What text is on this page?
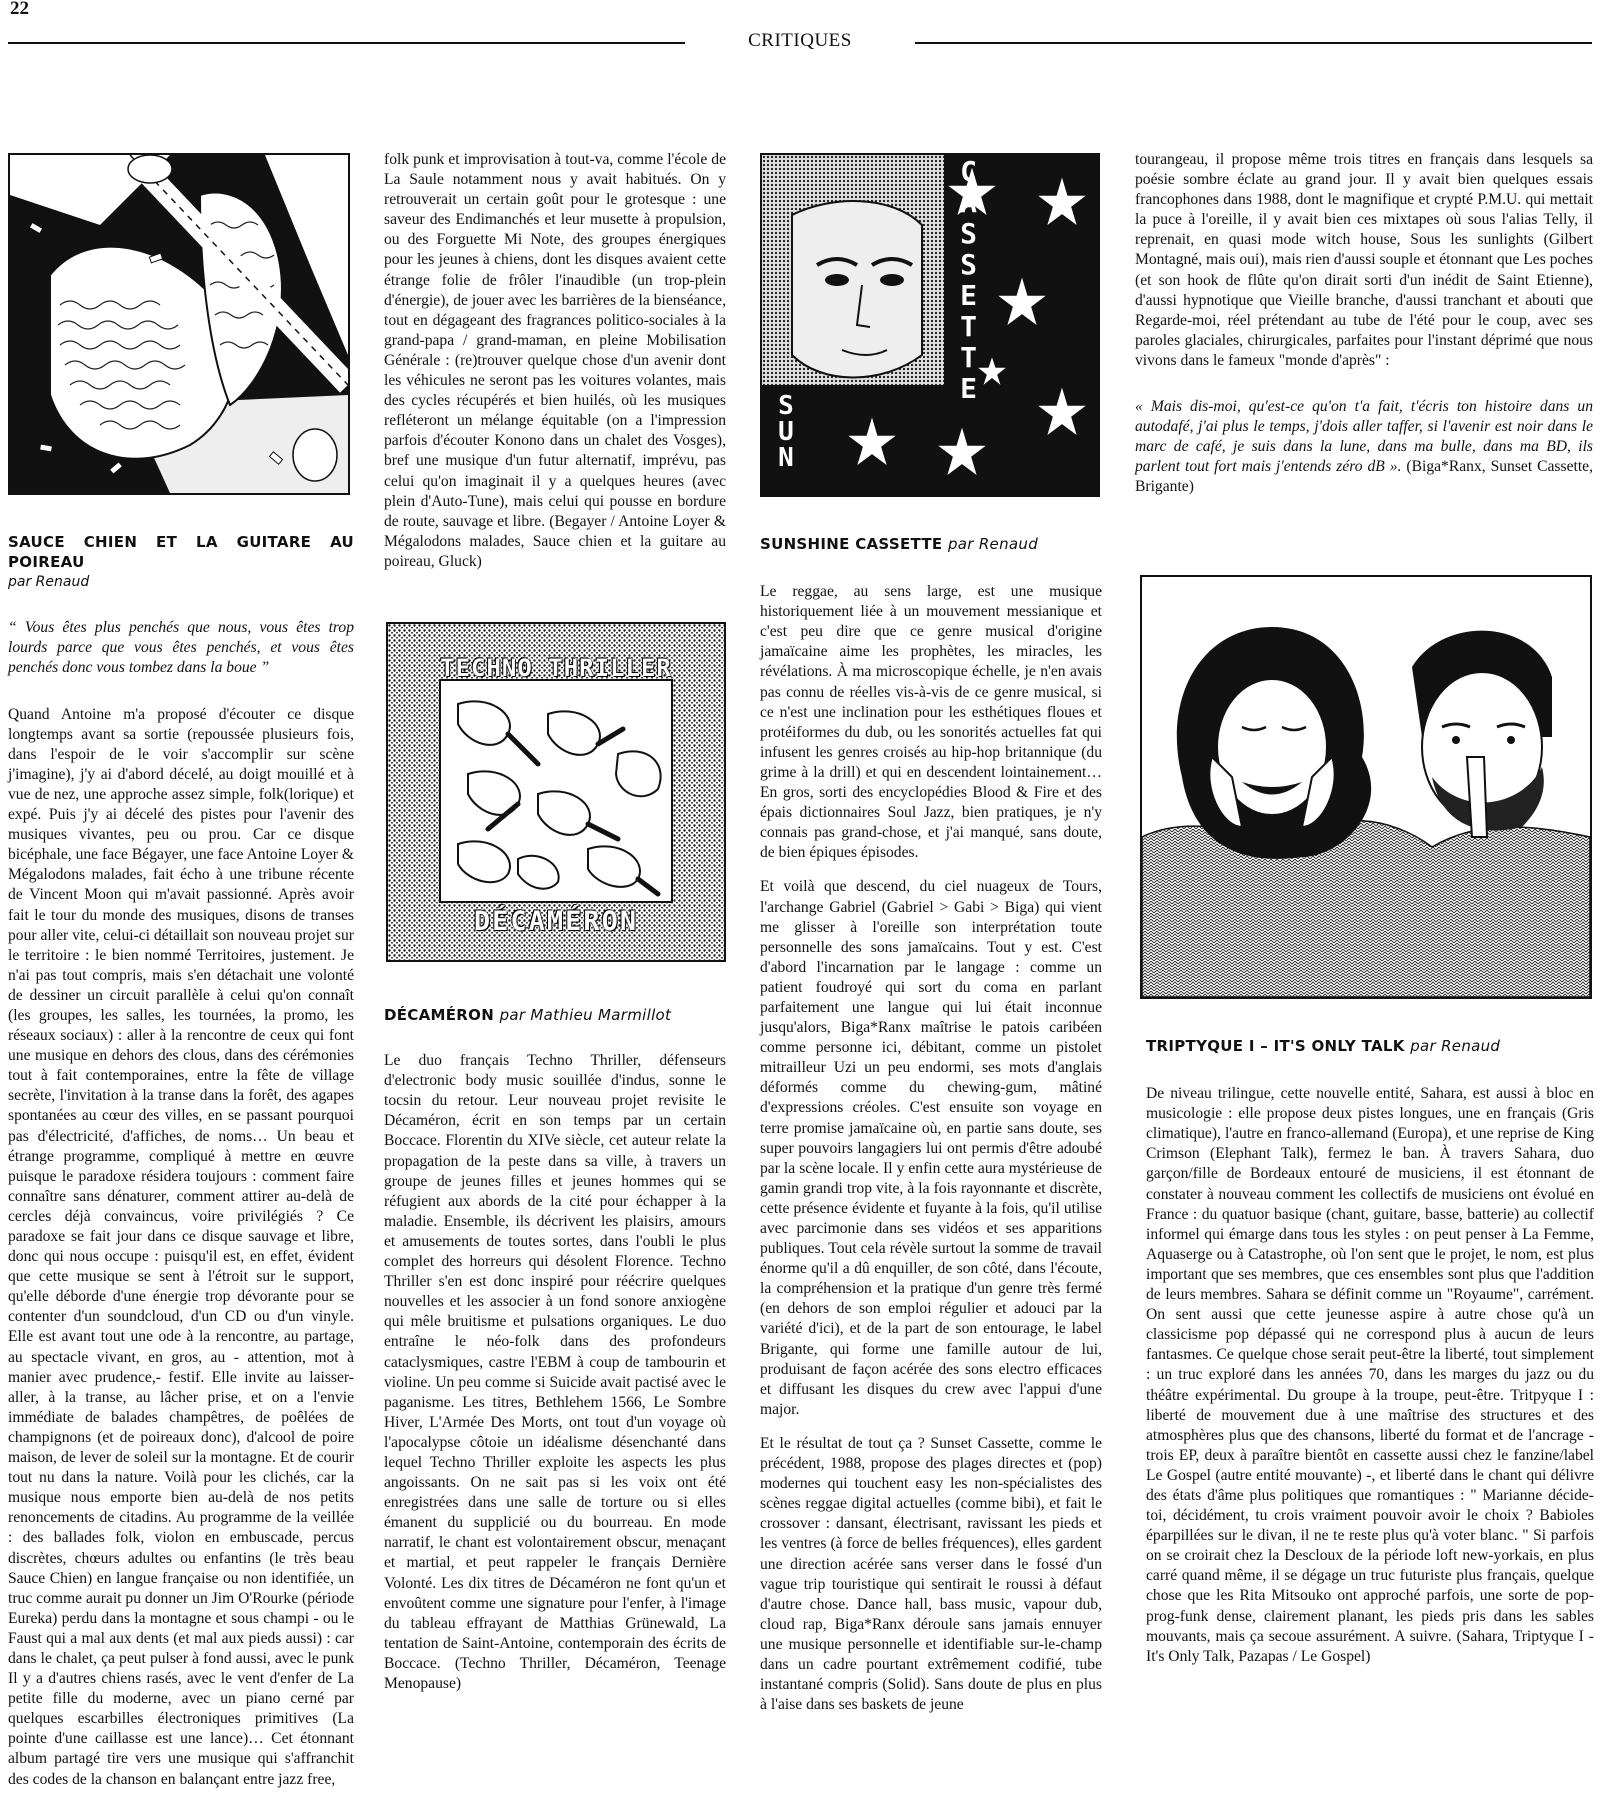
22
CRITIQUES
SAUCE CHIEN ET LA GUITARE AU POIREAU
par Renaud

“ Vous êtes plus penchés que nous, vous êtes trop lourds parce que vous êtes penchés, et vous êtes penchés donc vous tombez dans la boue ”

Quand Antoine m'a proposé d'écouter ce disque longtemps avant sa sortie (repoussée plusieurs fois, dans l'espoir de le voir s'accomplir sur scène j'imagine), j'y ai d'abord décelé, au doigt mouillé et à vue de nez, une approche assez simple, folk(lorique) et expé. Puis j'y ai décelé des pistes pour l'avenir des musiques vivantes, peu ou prou. Car ce disque bicéphale, une face Bégayer, une face Antoine Loyer & Mégalodons malades, fait écho à une tribune récente de Vincent Moon qui m'avait passionné. Après avoir fait le tour du monde des musiques, disons de transes pour aller vite, celui-ci détaillait son nouveau projet sur le territoire : le bien nommé Territoires, justement. Je n'ai pas tout compris, mais s'en détachait une volonté de dessiner un circuit parallèle à celui qu'on connaît (les groupes, les salles, les tournées, la promo, les réseaux sociaux) : aller à la rencontre de ceux qui font une musique en dehors des clous, dans des cérémonies tout à fait contemporaines, entre la fête de village secrète, l'invitation à la transe dans la forêt, des agapes spontanées au cœur des villes, en se passant pourquoi pas d'électricité, d'affiches, de noms… Un beau et étrange programme, compliqué à mettre en œuvre puisque le paradoxe résidera toujours : comment faire connaître sans dénaturer, comment attirer au-delà de cercles déjà convaincus, voire privilégiés ? Ce paradoxe se fait jour dans ce disque sauvage et libre, donc qui nous occupe : puisqu'il est, en effet, évident que cette musique se sent à l'étroit sur le support, qu'elle déborde d'une énergie trop dévorante pour se contenter d'un soundcloud, d'un CD ou d'un vinyle. Elle est avant tout une ode à la rencontre, au partage, au spectacle vivant, en gros, au - attention, mot à manier avec prudence,- festif. Elle invite au laisser-aller, à la transe, au lâcher prise, et on a l'envie immédiate de balades champêtres, de poêlées de champignons (et de poireaux donc), d'alcool de poire maison, de lever de soleil sur la montagne. Et de courir tout nu dans la nature. Voilà pour les clichés, car la musique nous emporte bien au-delà de nos petits renoncements de citadins. Au programme de la veillée : des ballades folk, violon en embuscade, percus discrètes, chœurs adultes ou enfantins (le très beau Sauce Chien) en langue française ou non identifiée, un truc comme aurait pu donner un Jim O'Rourke (période Eureka) perdu dans la montagne et sous champi - ou le Faust qui a mal aux dents (et mal aux pieds aussi) : car dans le chalet, ça peut pulser à fond aussi, avec le punk Il y a d'autres chiens rasés, avec le vent d'enfer de La petite fille du moderne, avec un piano cerné par quelques escarbilles électroniques primitives (La pointe d'une caillasse est une lance)… Cet étonnant album partagé tire vers une musique qui s'affranchit des codes de la chanson en balançant entre jazz free,

folk punk et improvisation à tout-va, comme l'école de La Saule notamment nous y avait habitués. On y retrouverait un certain goût pour le grotesque : une saveur des Endimanchés et leur musette à propulsion, ou des Forguette Mi Note, des groupes énergiques pour les jeunes à chiens, dont les disques avaient cette étrange folie de frôler l'inaudible (un trop-plein d'énergie), de jouer avec les barrières de la bienséance, tout en dégageant des fragrances politico-sociales à la grand-papa / grand-maman, en pleine Mobilisation Générale : (re)trouver quelque chose d'un avenir dont les véhicules ne seront pas les voitures volantes, mais des cycles récupérés et bien huilés, où les musiques refléteront un mélange équitable (on a l'impression parfois d'écouter Konono dans un chalet des Vosges), bref une musique d'un futur alternatif, imprévu, pas celui qu'on imaginait il y a quelques heures (avec plein d'Auto-Tune), mais celui qui pousse en bordure de route, sauvage et libre. (Begayer / Antoine Loyer & Mégalodons malades, Sauce chien et la guitare au poireau, Gluck)

TECHNO THRILLER
DÉCAMÉRON
DÉCAMÉRON par Mathieu Marmillot

Le duo français Techno Thriller, défenseurs d'electronic body music souillée d'indus, sonne le tocsin du retour. Leur nouveau projet revisite le Décaméron, écrit en son temps par un certain Boccace. Florentin du XIVe siècle, cet auteur relate la propagation de la peste dans sa ville, à travers un groupe de jeunes filles et jeunes hommes qui se réfugient aux abords de la cité pour échapper à la maladie. Ensemble, ils décrivent les plaisirs, amours et amusements de toutes sortes, dans l'oubli le plus complet des horreurs qui désolent Florence. Techno Thriller s'en est donc inspiré pour réécrire quelques nouvelles et les associer à un fond sonore anxiogène qui mêle bruitisme et pulsations organiques. Le duo entraîne le néo-folk dans des profondeurs cataclysmiques, castre l'EBM à coup de tambourin et violine. Un peu comme si Suicide avait pactisé avec le paganisme. Les titres, Bethlehem 1566, Le Sombre Hiver, L'Armée Des Morts, ont tout d'un voyage où l'apocalypse côtoie un idéalisme désenchanté dans lequel Techno Thriller exploite les aspects les plus angoissants. On ne sait pas si les voix ont été enregistrées dans une salle de torture ou si elles émanent du supplicié ou du bourreau. En mode narratif, le chant est volontairement obscur, menaçant et martial, et peut rappeler le français Dernière Volonté. Les dix titres de Décaméron ne font qu'un et envoûtent comme une signature pour l'enfer, à l'image du tableau effrayant de Matthias Grünewald, La tentation de Saint-Antoine, contemporain des écrits de Boccace. (Techno Thriller, Décaméron, Teenage Menopause)

CASSETTE
SUN
SUNSHINE CASSETTE par Renaud

Le reggae, au sens large, est une musique historiquement liée à un mouvement messianique et c'est peu dire que ce genre musical d'origine jamaïcaine aime les prophètes, les miracles, les révélations. À ma microscopique échelle, je n'en avais pas connu de réelles vis-à-vis de ce genre musical, si ce n'est une inclination pour les esthétiques floues et protéiformes du dub, ou les sonorités actuelles fat qui infusent les genres croisés au hip-hop britannique (du grime à la drill) et qui en descendent lointainement… En gros, sorti des encyclopédies Blood & Fire et des épais dictionnaires Soul Jazz, bien pratiques, je n'y connais pas grand-chose, et j'ai manqué, sans doute, de bien épiques épisodes.

Et voilà que descend, du ciel nuageux de Tours, l'archange Gabriel (Gabriel > Gabi > Biga) qui vient me glisser à l'oreille son interprétation toute personnelle des sons jamaïcains. Tout y est. C'est d'abord l'incarnation par le langage : comme un patient foudroyé qui sort du coma en parlant parfaitement une langue qui lui était inconnue jusqu'alors, Biga*Ranx maîtrise le patois caribéen comme personne ici, débitant, comme un pistolet mitrailleur Uzi un peu endormi, ses mots d'anglais déformés comme du chewing-gum, mâtiné d'expressions créoles. C'est ensuite son voyage en terre promise jamaïcaine où, en partie sans doute, ses super pouvoirs langagiers lui ont permis d'être adoubé par la scène locale. Il y enfin cette aura mystérieuse de gamin grandi trop vite, à la fois rayonnante et discrète, cette présence évidente et fuyante à la fois, qu'il utilise avec parcimonie dans ses vidéos et ses apparitions publiques. Tout cela révèle surtout la somme de travail énorme qu'il a dû enquiller, de son côté, dans l'écoute, la compréhension et la pratique d'un genre très fermé (en dehors de son emploi régulier et adouci par la variété d'ici), et de la part de son entourage, le label Brigante, qui forme une famille autour de lui, produisant de façon acérée des sons electro efficaces et diffusant les disques du crew avec l'appui d'une major.

Et le résultat de tout ça ? Sunset Cassette, comme le précédent, 1988, propose des plages directes et (pop) modernes qui touchent easy les non-spécialistes des scènes reggae digital actuelles (comme bibi), et fait le crossover : dansant, électrisant, ravissant les pieds et les ventres (à force de belles fréquences), elles gardent une direction acérée sans verser dans le fossé d'un vague trip touristique qui sentirait le roussi à défaut d'autre chose. Dance hall, bass music, vapour dub, cloud rap, Biga*Ranx déroule sans jamais ennuyer une musique personnelle et identifiable sur-le-champ dans un cadre pourtant extrêmement codifié, tube instantané compris (Solid). Sans doute de plus en plus à l'aise dans ses baskets de jeune

tourangeau, il propose même trois titres en français dans lesquels sa poésie sombre éclate au grand jour. Il y avait bien quelques essais francophones dans 1988, dont le magnifique et crypté P.M.U. qui mettait la puce à l'oreille, il y avait bien ces mixtapes où sous l'alias Telly, il reprenait, en quasi mode witch house, Sous les sunlights (Gilbert Montagné, mais oui), mais rien d'aussi souple et étonnant que Les poches (et son hook de flûte qu'on dirait sorti d'un inédit de Saint Etienne), d'aussi hypnotique que Vieille branche, d'aussi tranchant et abouti que Regarde-moi, réel prétendant au tube de l'été pour le coup, avec ses paroles glaciales, chirurgicales, parfaites pour l'instant déprimé que nous vivons dans le fameux "monde d'après" :

« Mais dis-moi, qu'est-ce qu'on t'a fait, t'écris ton histoire dans un autodafé, j'ai plus le temps, j'dois aller taffer, si l'avenir est noir dans le marc de café, je suis dans la lune, dans ma bulle, dans ma BD, ils parlent tout fort mais j'entends zéro dB ». (Biga*Ranx, Sunset Cassette, Brigante)

TRIPTYQUE I – IT'S ONLY TALK par Renaud

De niveau trilingue, cette nouvelle entité, Sahara, est aussi à bloc en musicologie : elle propose deux pistes longues, une en français (Gris climatique), l'autre en franco-allemand (Europa), et une reprise de King Crimson (Elephant Talk), fermez le ban. À travers Sahara, duo garçon/fille de Bordeaux entouré de musiciens, il est étonnant de constater à nouveau comment les collectifs de musiciens ont évolué en France : du quatuor basique (chant, guitare, basse, batterie) au collectif informel qui émarge dans tous les styles : on peut penser à La Femme, Aquaserge ou à Catastrophe, où l'on sent que le projet, le nom, est plus important que ses membres, que ces ensembles sont plus que l'addition de leurs membres. Sahara se définit comme un "Royaume", carrément. On sent aussi que cette jeunesse aspire à autre chose qu'à un classicisme pop dépassé qui ne correspond plus à aucun de leurs fantasmes. Ce quelque chose serait peut-être la liberté, tout simplement : un truc exploré dans les années 70, dans les marges du jazz ou du théâtre expérimental. Du groupe à la troupe, peut-être. Tritpyque I : liberté de mouvement due à une maîtrise des structures et des atmosphères plus que des chansons, liberté du format et de l'ancrage - trois EP, deux à paraître bientôt en cassette aussi chez le fanzine/label Le Gospel (autre entité mouvante) -, et liberté dans le chant qui délivre des états d'âme plus politiques que romantiques : " Marianne décide-toi, décidément, tu crois vraiment pouvoir avoir le choix ? Babioles éparpillées sur le divan, il ne te reste plus qu'à voter blanc. " Si parfois on se croirait chez la Descloux de la période loft new-yorkais, en plus carré quand même, il se dégage un truc futuriste plus français, quelque chose que les Rita Mitsouko ont approché parfois, une sorte de pop-prog-funk dense, clairement planant, les pieds pris dans les sables mouvants, mais ça secoue assurément. A suivre. (Sahara, Triptyque I - It's Only Talk, Pazapas / Le Gospel)
